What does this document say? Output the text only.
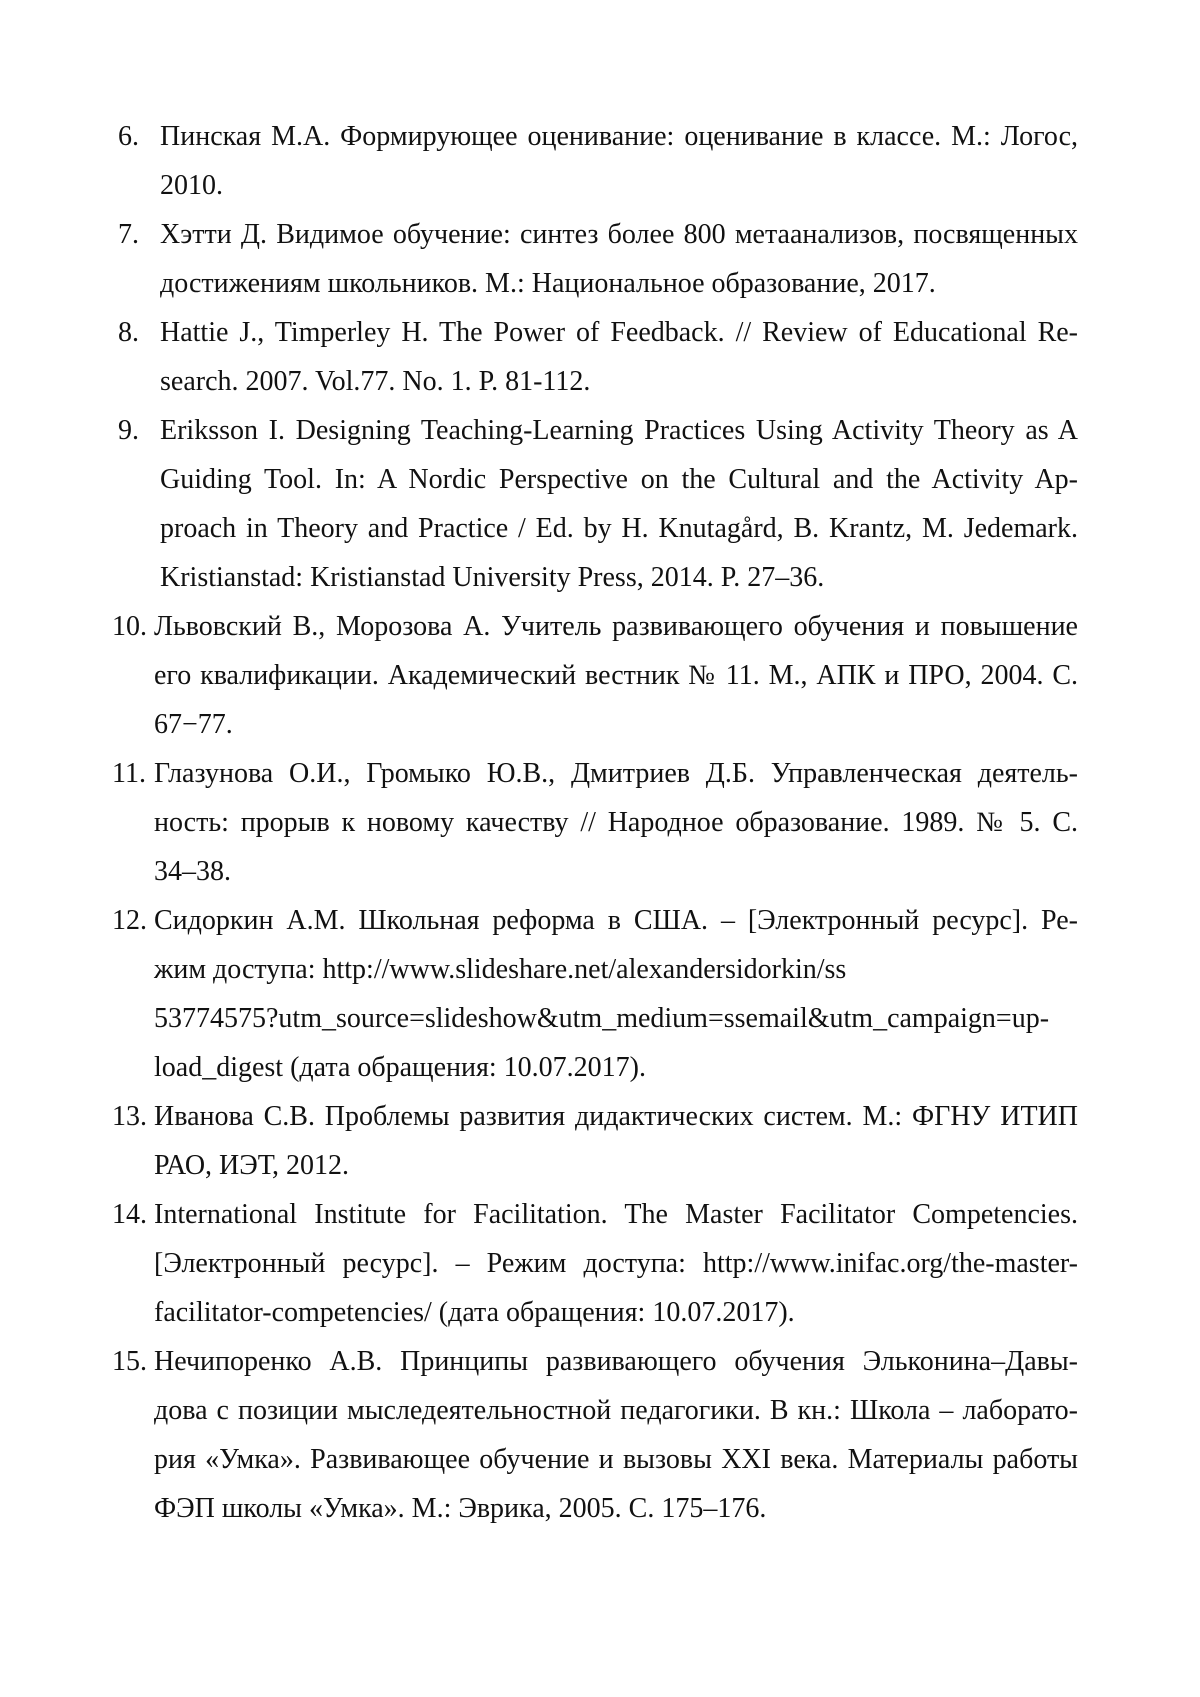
6. Пинская М.А. Формирующее оценивание: оценивание в классе. М.: Логос,
2010.
7. Хэтти Д. Видимое обучение: синтез более 800 метаанализов, посвященных
достижениям школьников. М.: Национальное образование, 2017.
8. Hattie J., Timperley H. The Power of Feedback. // Review of Educational Re-
search. 2007. Vol.77. No. 1. P. 81-112.
9. Eriksson I. Designing Teaching-Learning Practices Using Activity Theory as A
Guiding Tool. In: A Nordic Perspective on the Cultural and the Activity Ap-
proach in Theory and Practice / Ed. by H. Knutagård, B. Krantz, M. Jedemark.
Kristianstad: Kristianstad University Press, 2014. P. 27–36.
10. Львовский В., Морозова А. Учитель развивающего обучения и повышение
его квалификации. Академический вестник № 11. М., АПК и ПРО, 2004. С.
67−77.
11. Глазунова О.И., Громыко Ю.В., Дмитриев Д.Б. Управленческая деятель-
ность: прорыв к новому качеству // Народное образование. 1989. № 5. С.
34–38.
12. Сидоркин А.М. Школьная реформа в США. – [Электронный ресурс]. Ре-
жим доступа: http://www.slideshare.net/alexandersidorkin/ss
53774575?utm_source=slideshow&utm_medium=ssemail&utm_campaign=up-
load_digest (дата обращения: 10.07.2017).
13. Иванова С.В. Проблемы развития дидактических систем. М.: ФГНУ ИТИП
РАО, ИЭТ, 2012.
14. International Institute for Facilitation. The Master Facilitator Competencies.
[Электронный ресурс]. – Режим доступа: http://www.inifac.org/the-master-
facilitator-competencies/ (дата обращения: 10.07.2017).
15. Нечипоренко А.В. Принципы развивающего обучения Эльконина–Давы-
дова с позиции мыследеятельностной педагогики. В кн.: Школа – лаборато-
рия «Умка». Развивающее обучение и вызовы XXI века. Материалы работы
ФЭП школы «Умка». М.: Эврика, 2005. С. 175–176.
